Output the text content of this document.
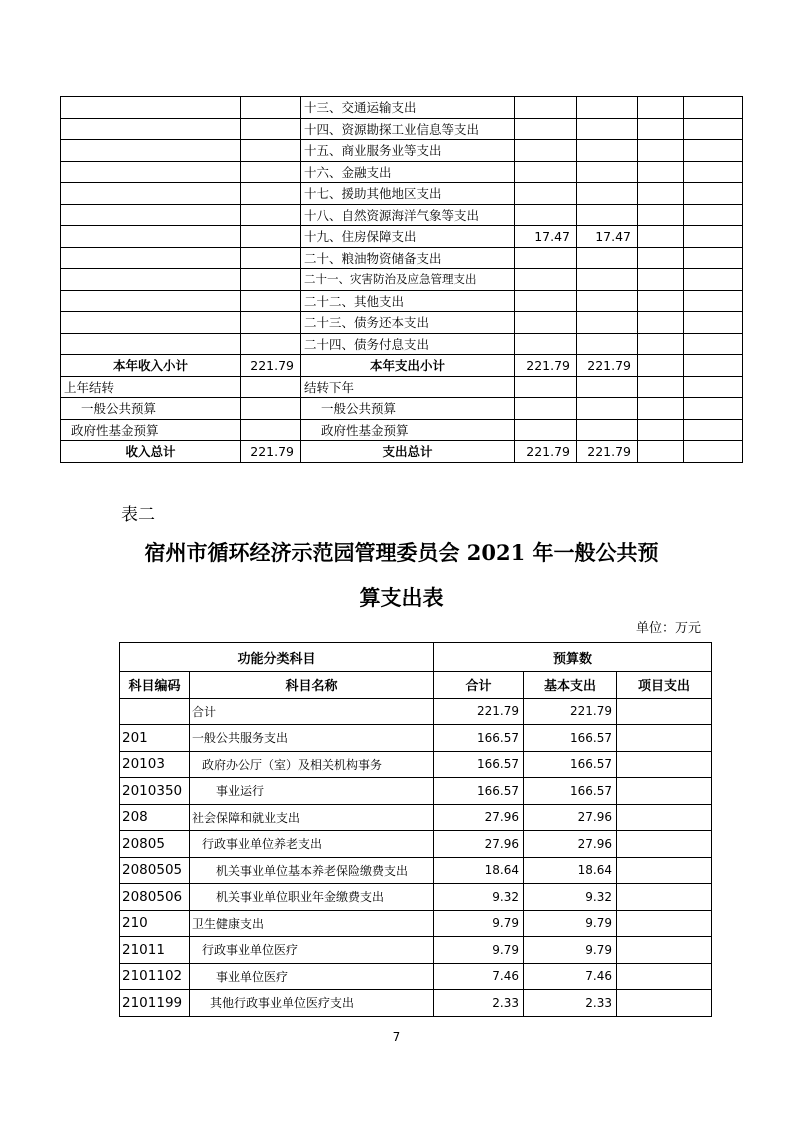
		十三、交通运输支出				
		十四、资源勘探工业信息等支出				
		十五、商业服务业等支出				
		十六、金融支出				
		十七、援助其他地区支出				
		十八、自然资源海洋气象等支出				
		十九、住房保障支出	17.47	17.47		
		二十、粮油物资储备支出				
		二十一、灾害防治及应急管理支出				
		二十二、其他支出				
		二十三、债务还本支出				
		二十四、债务付息支出				
本年收入小计	221.79	本年支出小计	221.79	221.79		
上年结转		结转下年				
一般公共预算		一般公共预算				
政府性基金预算		政府性基金预算				
收入总计	221.79	支出总计	221.79	221.79		
表二
宿州市循环经济示范园管理委员会 2021 年一般公共预
算支出表
单位：万元
功能分类科目		预算数		
科目编码	科目名称	合计	基本支出	项目支出
	合计	221.79	221.79	
201	一般公共服务支出	166.57	166.57	
20103	政府办公厅（室）及相关机构事务	166.57	166.57	
2010350	事业运行	166.57	166.57	
208	社会保障和就业支出	27.96	27.96	
20805	行政事业单位养老支出	27.96	27.96	
2080505	机关事业单位基本养老保险缴费支出	18.64	18.64	
2080506	机关事业单位职业年金缴费支出	9.32	9.32	
210	卫生健康支出	9.79	9.79	
21011	行政事业单位医疗	9.79	9.79	
2101102	事业单位医疗	7.46	7.46	
2101199	其他行政事业单位医疗支出	2.33	2.33	
7
